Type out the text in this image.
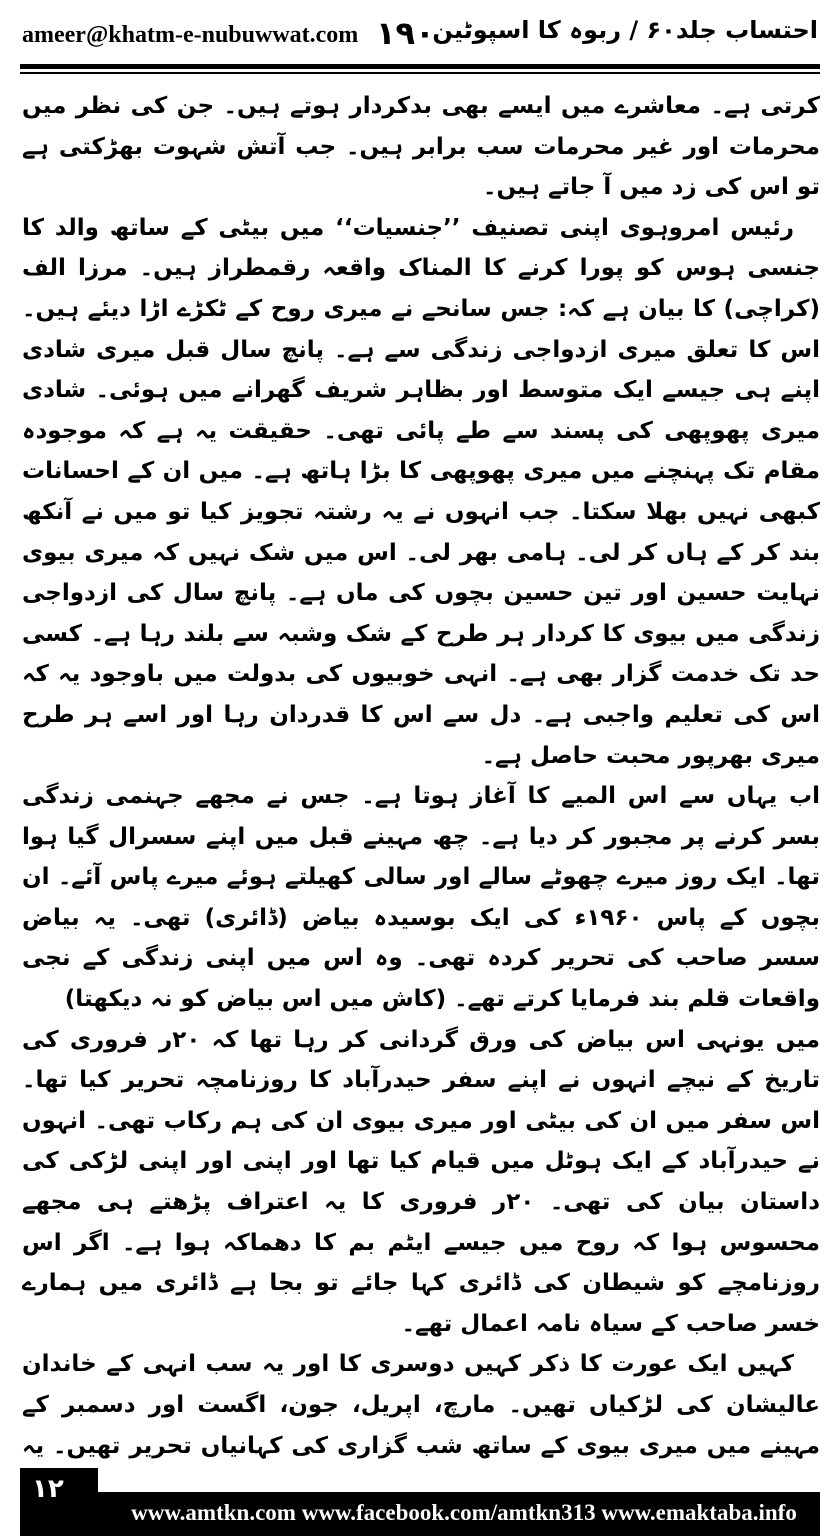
ameer@khatm-e-nubuwwat.com ۱۹۰
احتساب جلد۶۰ / ربوہ کا اسپوٹین

کرتی ہے۔ معاشرے میں ایسے بھی بدکردار ہوتے ہیں۔ جن کی نظر میں محرمات اور غیر محرمات سب برابر ہیں۔ جب آتش شہوت بھڑکتی ہے تو اس کی زد میں آ جاتے ہیں۔

رئیس امروہوی اپنی تصنیف ’’جنسیات‘‘ میں بیٹی کے ساتھ والد کا جنسی ہوس کو پورا کرنے کا المناک واقعہ رقمطراز ہیں۔ مرزا الف (کراچی) کا بیان ہے کہ: جس سانحے نے میری روح کے ٹکڑے اڑا دیئے ہیں۔ اس کا تعلق میری ازدواجی زندگی سے ہے۔ پانچ سال قبل میری شادی اپنے ہی جیسے ایک متوسط اور بظاہر شریف گھرانے میں ہوئی۔ شادی میری پھوپھی کی پسند سے طے پائی تھی۔ حقیقت یہ ہے کہ موجودہ مقام تک پہنچنے میں میری پھوپھی کا بڑا ہاتھ ہے۔ میں ان کے احسانات کبھی نہیں بھلا سکتا۔ جب انہوں نے یہ رشتہ تجویز کیا تو میں نے آنکھ بند کر کے ہاں کر لی۔ ہامی بھر لی۔ اس میں شک نہیں کہ میری بیوی نہایت حسین اور تین حسین بچوں کی ماں ہے۔ پانچ سال کی ازدواجی زندگی میں بیوی کا کردار ہر طرح کے شک وشبہ سے بلند رہا ہے۔ کسی حد تک خدمت گزار بھی ہے۔ انہی خوبیوں کی بدولت میں باوجود یہ کہ اس کی تعلیم واجبی ہے۔ دل سے اس کا قدردان رہا اور اسے ہر طرح میری بھرپور محبت حاصل ہے۔

اب یہاں سے اس المیے کا آغاز ہوتا ہے۔ جس نے مجھے جہنمی زندگی بسر کرنے پر مجبور کر دیا ہے۔ چھ مہینے قبل میں اپنے سسرال گیا ہوا تھا۔ ایک روز میرے چھوٹے سالے اور سالی کھیلتے ہوئے میرے پاس آئے۔ ان بچوں کے پاس ۱۹۶۰ء کی ایک بوسیدہ بیاض (ڈائری) تھی۔ یہ بیاض سسر صاحب کی تحریر کردہ تھی۔ وہ اس میں اپنی زندگی کے نجی واقعات قلم بند فرمایا کرتے تھے۔ (کاش میں اس بیاض کو نہ دیکھتا)

میں یونہی اس بیاض کی ورق گردانی کر رہا تھا کہ ۲۰ر فروری کی تاریخ کے نیچے انہوں نے اپنے سفر حیدرآباد کا روزنامچہ تحریر کیا تھا۔ اس سفر میں ان کی بیٹی اور میری بیوی ان کی ہم رکاب تھی۔ انہوں نے حیدرآباد کے ایک ہوٹل میں قیام کیا تھا اور اپنی اور اپنی لڑکی کی داستان بیان کی تھی۔ ۲۰ر فروری کا یہ اعتراف پڑھتے ہی مجھے محسوس ہوا کہ روح میں جیسے ایٹم بم کا دھماکہ ہوا ہے۔ اگر اس روزنامچے کو شیطان کی ڈائری کہا جائے تو بجا ہے ڈائری میں ہمارے خسر صاحب کے سیاہ نامہ اعمال تھے۔

کہیں ایک عورت کا ذکر کہیں دوسری کا اور یہ سب انہی کے خاندان عالیشان کی لڑکیاں تھیں۔ مارچ، اپریل، جون، اگست اور دسمبر کے مہینے میں میری بیوی کے ساتھ شب گزاری کی کہانیاں تحریر تھیں۔ یہ

۱۲
www.amtkn.com www.facebook.com/amtkn313 www.emaktaba.info
